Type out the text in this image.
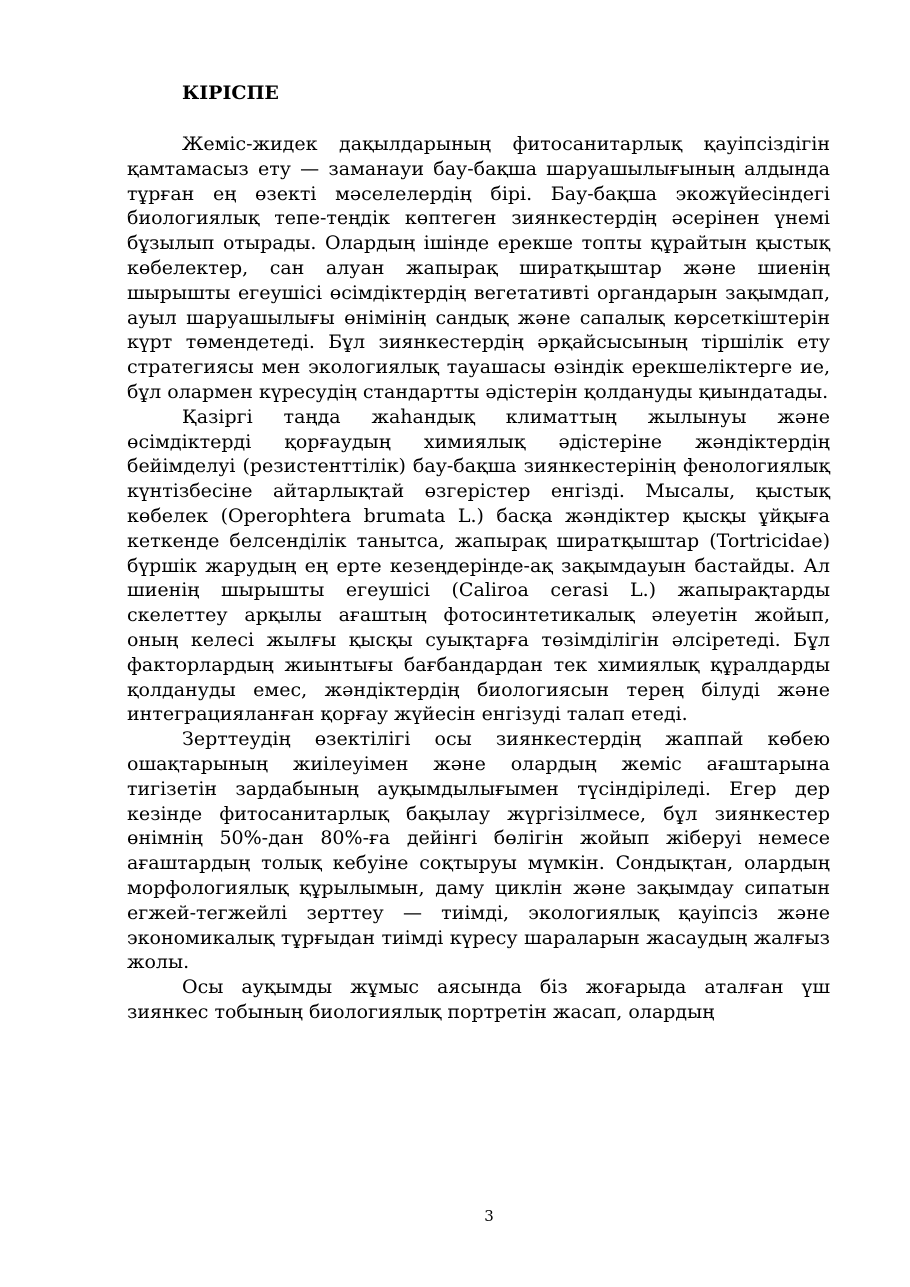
КІРІСПЕ

Жеміс-жидек дақылдарының фитосанитарлық қауіпсіздігін қамтамасыз ету — заманауи бау-бақша шаруашылығының алдында тұрған ең өзекті мәселелердің бірі. Бау-бақша экожүйесіндегі биологиялық тепе-теңдік көптеген зиянкестердің әсерінен үнемі бұзылып отырады. Олардың ішінде ерекше топты құрайтын қыстық көбелектер, сан алуан жапырақ ширатқыштар және шиенің шырышты егеушісі өсімдіктердің вегетативті органдарын зақымдап, ауыл шаруашылығы өнімінің сандық және сапалық көрсеткіштерін күрт төмендетеді. Бұл зиянкестердің әрқайсысының тіршілік ету стратегиясы мен экологиялық тауашасы өзіндік ерекшеліктерге ие, бұл олармен күресудің стандартты әдістерін қолдануды қиындатады.

Қазіргі таңда жаһандық климаттың жылынуы және өсімдіктерді қорғаудың химиялық әдістеріне жәндіктердің бейімделуі (резистенттілік) бау-бақша зиянкестерінің фенологиялық күнтізбесіне айтарлықтай өзгерістер енгізді. Мысалы, қыстық көбелек (Operophtera brumata L.) басқа жәндіктер қысқы ұйқыға кеткенде белсенділік танытса, жапырақ ширатқыштар (Tortricidae) бүршік жарудың ең ерте кезеңдерінде-ақ зақымдауын бастайды. Ал шиенің шырышты егеушісі (Caliroa cerasi L.) жапырақтарды скелеттеу арқылы ағаштың фотосинтетикалық әлеуетін жойып, оның келесі жылғы қысқы суықтарға төзімділігін әлсіретеді. Бұл факторлардың жиынтығы бағбандардан тек химиялық құралдарды қолдануды емес, жәндіктердің биологиясын терең білуді және интеграцияланған қорғау жүйесін енгізуді талап етеді.

Зерттеудің өзектілігі осы зиянкестердің жаппай көбею ошақтарының жиілеуімен және олардың жеміс ағаштарына тигізетін зардабының ауқымдылығымен түсіндіріледі. Егер дер кезінде фитосанитарлық бақылау жүргізілмесе, бұл зиянкестер өнімнің 50%-дан 80%-ға дейінгі бөлігін жойып жіберуі немесе ағаштардың толық кебуіне соқтыруы мүмкін. Сондықтан, олардың морфологиялық құрылымын, даму циклін және зақымдау сипатын егжей-тегжейлі зерттеу — тиімді, экологиялық қауіпсіз және экономикалық тұрғыдан тиімді күресу шараларын жасаудың жалғыз жолы.

Осы ауқымды жұмыс аясында біз жоғарыда аталған үш зиянкес тобының биологиялық портретін жасап, олардың

3
